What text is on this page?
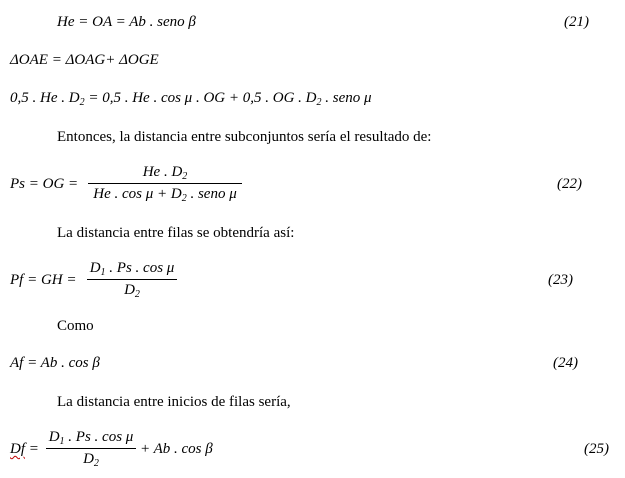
He = OA = Ab . seno β	(21)
ΔOAE = ΔOAG+ ΔOGE
0,5 . He . $D_2 = 0,5$ . He . cos μ . OG + 0,5 . OG . $D_2$ . seno μ
Entonces, la distancia entre subconjuntos sería el resultado de:
Ps = OG =
He . $D_2$
He . $\cos \mu + D_2$ . seno μ
(22)
La distancia entre filas se obtendría así:
Pf = GH =
$D_1$ . Ps . cos μ
$D_2$
(23)
Como
Af = Ab . cos β	(24)
La distancia entre inicios de filas sería,
Df =
$D_1$ . Ps . cos μ
$D_2$
+ Ab . cos β	(25)
